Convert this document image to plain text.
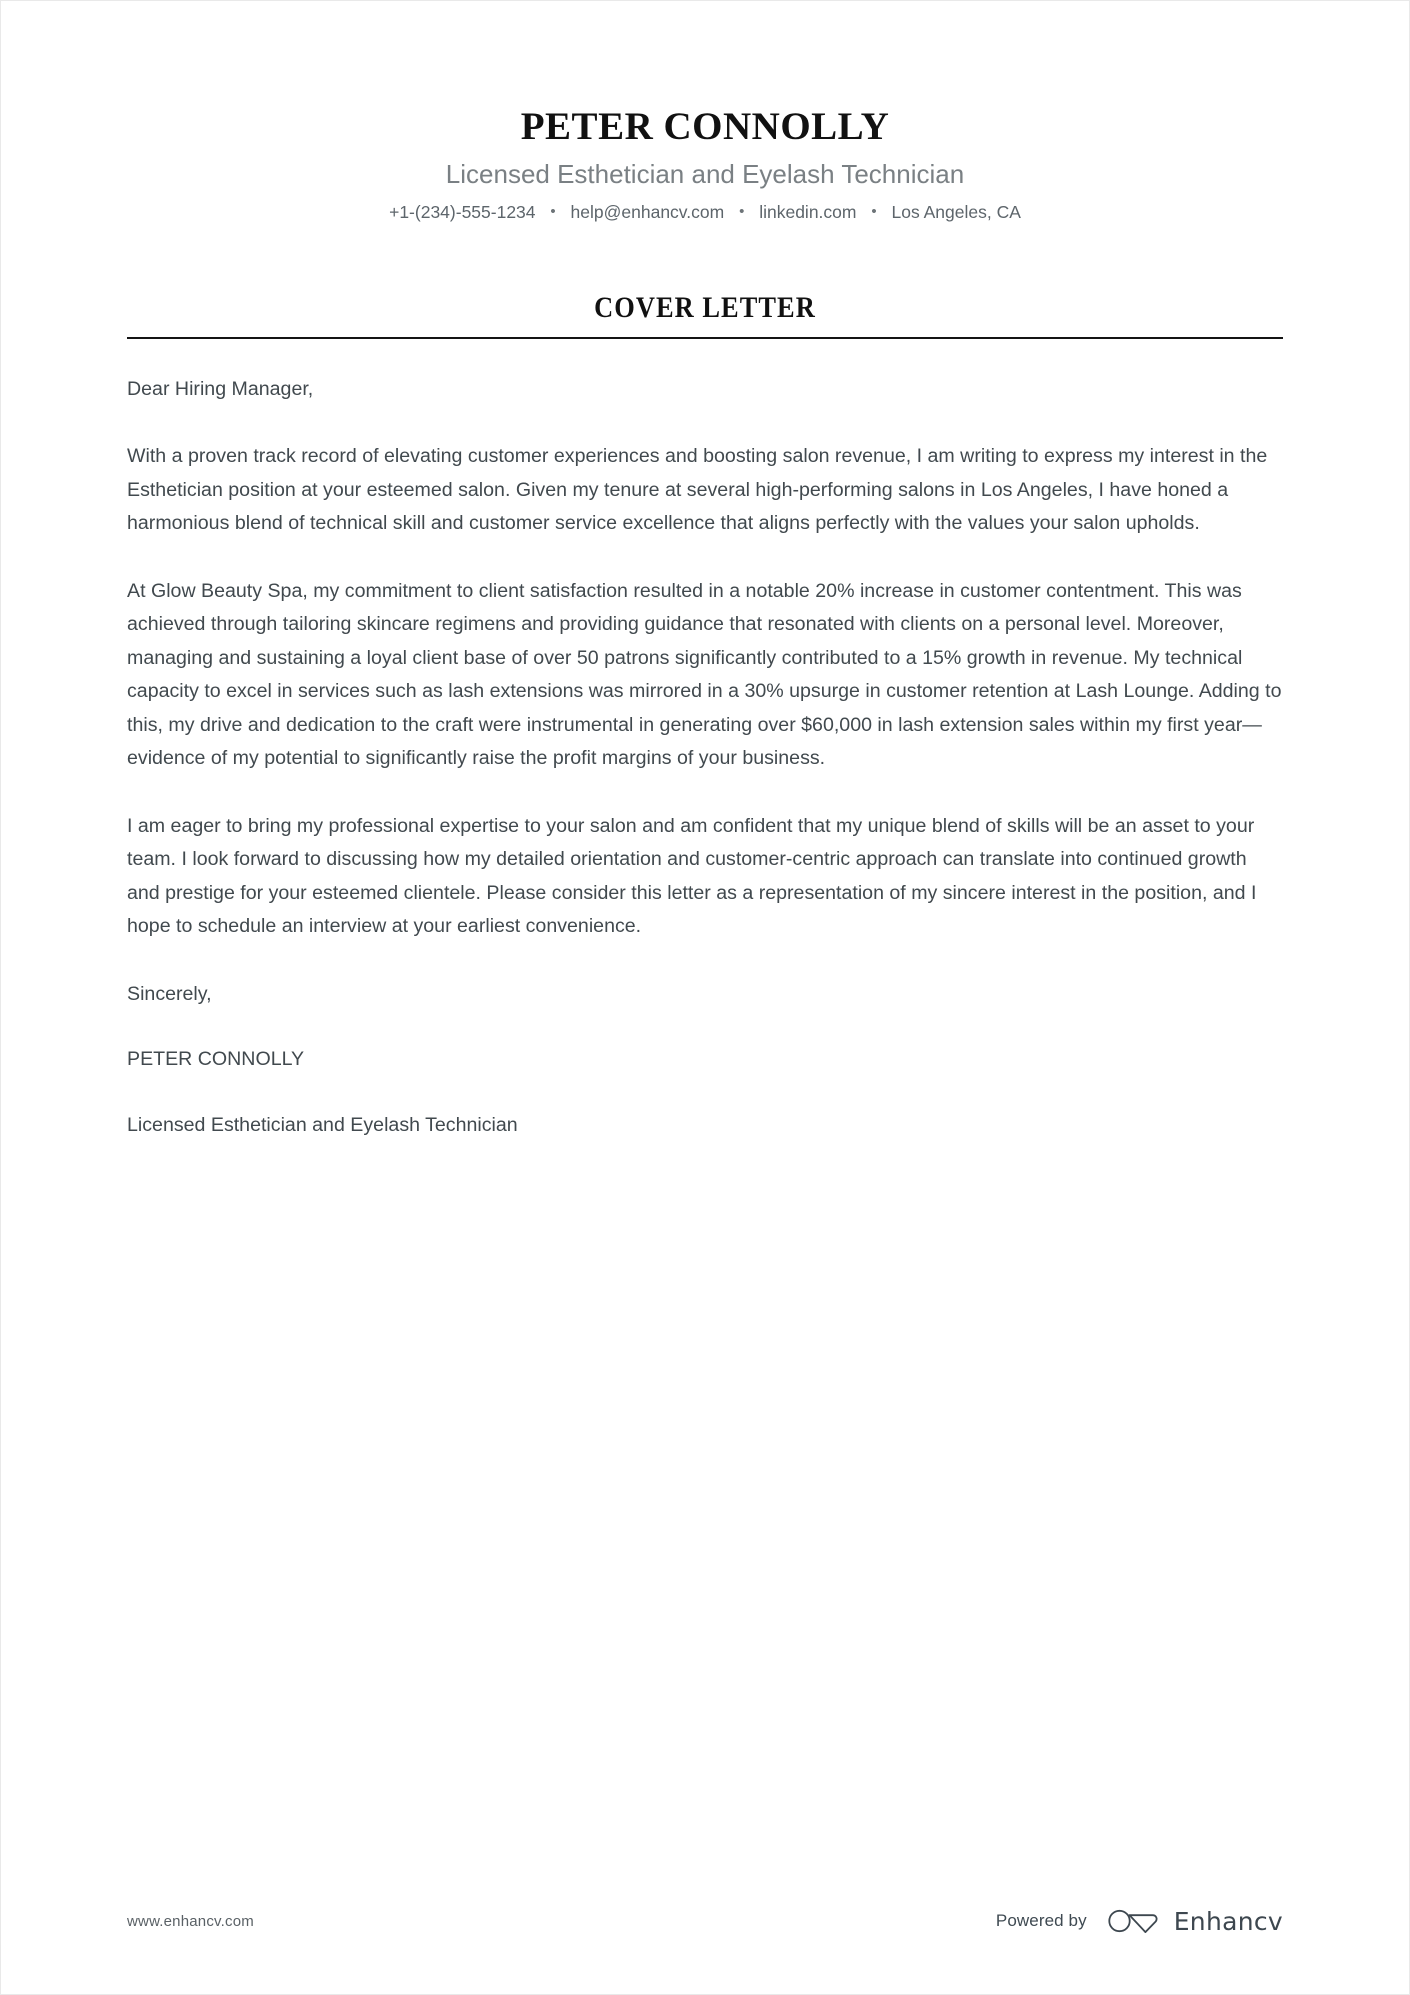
PETER CONNOLLY
Licensed Esthetician and Eyelash Technician
+1-(234)-555-1234 • help@enhancv.com • linkedin.com • Los Angeles, CA
COVER LETTER

Dear Hiring Manager,

With a proven track record of elevating customer experiences and boosting salon revenue, I am writing to express my interest in the Esthetician position at your esteemed salon. Given my tenure at several high-performing salons in Los Angeles, I have honed a harmonious blend of technical skill and customer service excellence that aligns perfectly with the values your salon upholds.

At Glow Beauty Spa, my commitment to client satisfaction resulted in a notable 20% increase in customer contentment. This was achieved through tailoring skincare regimens and providing guidance that resonated with clients on a personal level. Moreover, managing and sustaining a loyal client base of over 50 patrons significantly contributed to a 15% growth in revenue. My technical capacity to excel in services such as lash extensions was mirrored in a 30% upsurge in customer retention at Lash Lounge. Adding to this, my drive and dedication to the craft were instrumental in generating over $60,000 in lash extension sales within my first year—evidence of my potential to significantly raise the profit margins of your business.

I am eager to bring my professional expertise to your salon and am confident that my unique blend of skills will be an asset to your team. I look forward to discussing how my detailed orientation and customer-centric approach can translate into continued growth and prestige for your esteemed clientele. Please consider this letter as a representation of my sincere interest in the position, and I hope to schedule an interview at your earliest convenience.

Sincerely,

PETER CONNOLLY

Licensed Esthetician and Eyelash Technician

www.enhancv.com	Powered by	Enhancv
